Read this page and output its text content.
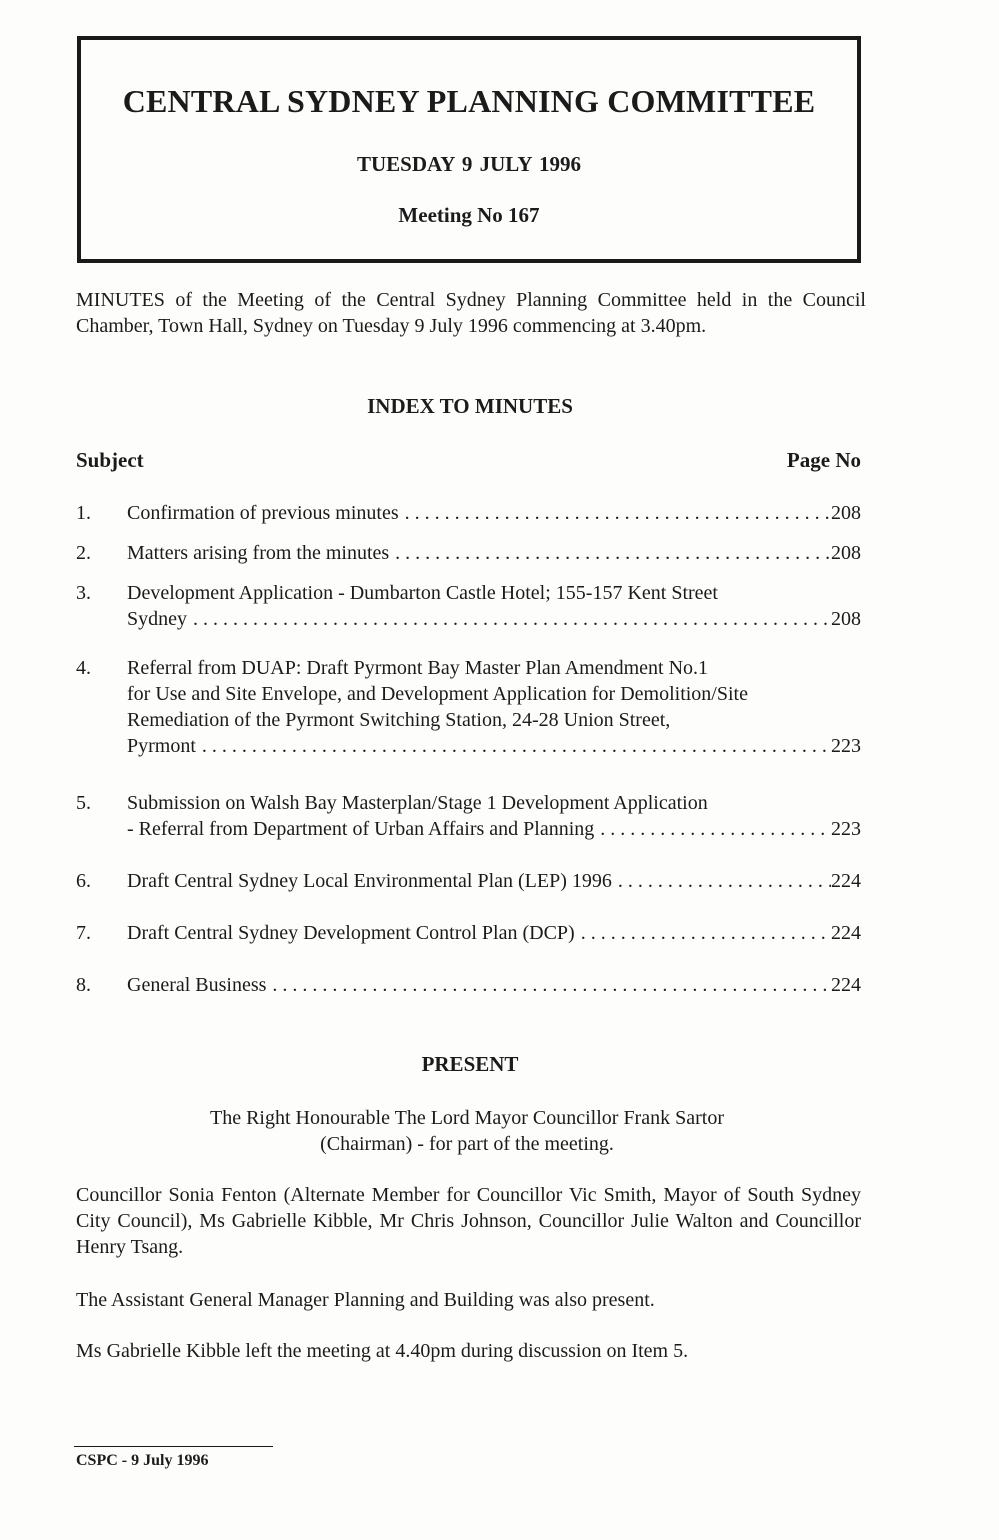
CENTRAL SYDNEY PLANNING COMMITTEE
TUESDAY 9 JULY 1996
Meeting No 167
MINUTES of the Meeting of the Central Sydney Planning Committee held in the Council Chamber, Town Hall, Sydney on Tuesday 9 July 1996 commencing at 3.40pm.
INDEX TO MINUTES
Subject	Page No
1. Confirmation of previous minutes . . .	208
2. Matters arising from the minutes . . .	208
3. Development Application - Dumbarton Castle Hotel; 155-157 Kent Street
Sydney . . .	208
4. Referral from DUAP: Draft Pyrmont Bay Master Plan Amendment No.1
for Use and Site Envelope, and Development Application for Demolition/Site
Remediation of the Pyrmont Switching Station, 24-28 Union Street,
Pyrmont . . .	223
5. Submission on Walsh Bay Masterplan/Stage 1 Development Application
- Referral from Department of Urban Affairs and Planning . . .	223
6. Draft Central Sydney Local Environmental Plan (LEP) 1996 . . .	224
7. Draft Central Sydney Development Control Plan (DCP) . . .	224
8. General Business . . .	224
PRESENT
The Right Honourable The Lord Mayor Councillor Frank Sartor
(Chairman) - for part of the meeting.
Councillor Sonia Fenton (Alternate Member for Councillor Vic Smith, Mayor of South Sydney City Council), Ms Gabrielle Kibble, Mr Chris Johnson, Councillor Julie Walton and Councillor Henry Tsang.
The Assistant General Manager Planning and Building was also present.
Ms Gabrielle Kibble left the meeting at 4.40pm during discussion on Item 5.
CSPC - 9 July 1996
